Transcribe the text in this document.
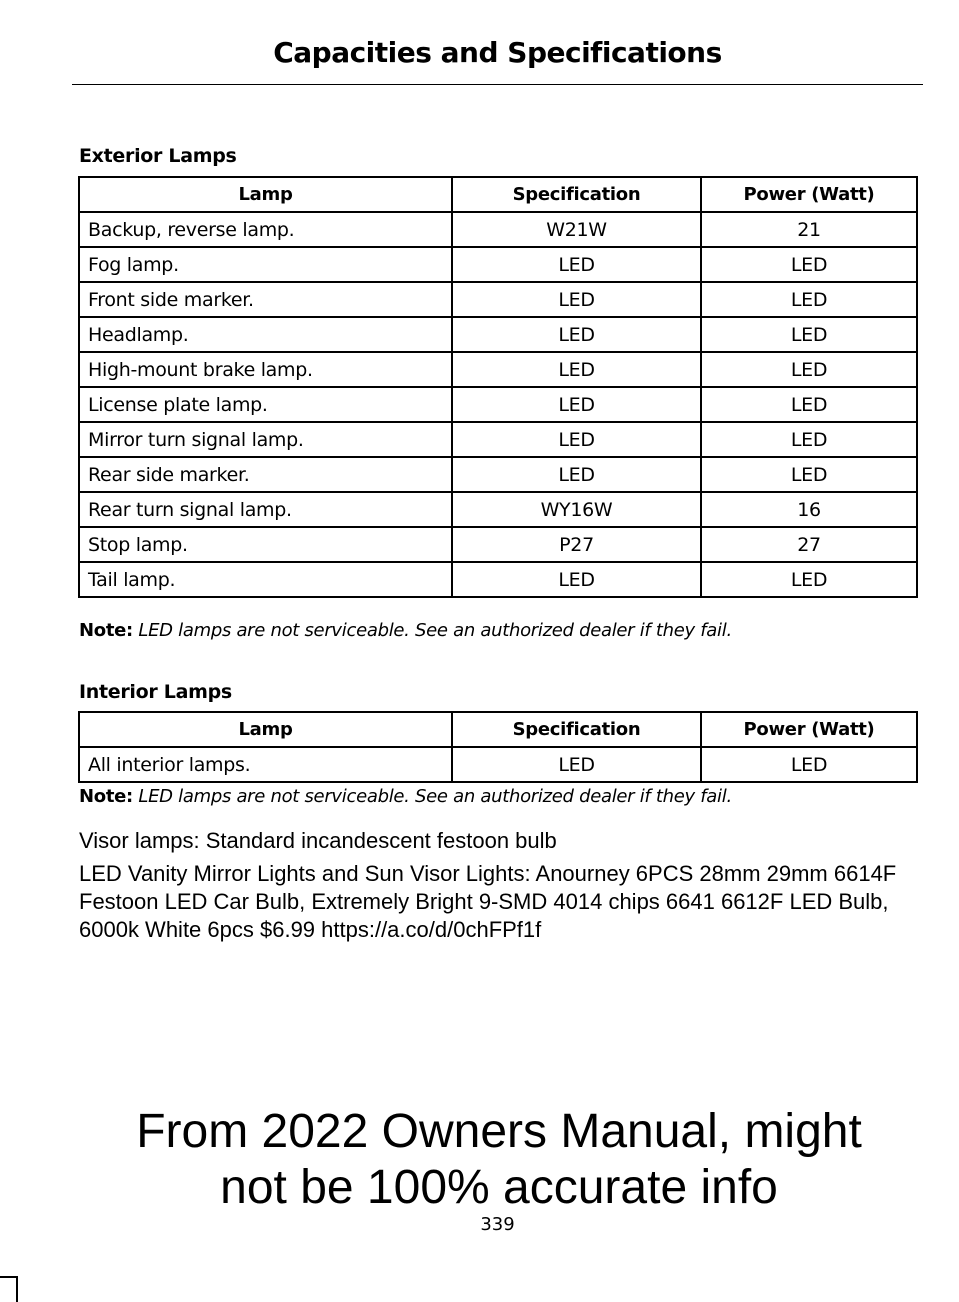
Capacities and Specifications
Exterior Lamps
Lamp	Specification	Power (Watt)
Backup, reverse lamp.	W21W	21
Fog lamp.	LED	LED
Front side marker.	LED	LED
Headlamp.	LED	LED
High-mount brake lamp.	LED	LED
License plate lamp.	LED	LED
Mirror turn signal lamp.	LED	LED
Rear side marker.	LED	LED
Rear turn signal lamp.	WY16W	16
Stop lamp.	P27	27
Tail lamp.	LED	LED
Note: LED lamps are not serviceable. See an authorized dealer if they fail.
Interior Lamps
Lamp	Specification	Power (Watt)
All interior lamps.	LED	LED
Note: LED lamps are not serviceable. See an authorized dealer if they fail.
Visor lamps: Standard incandescent festoon bulb
LED Vanity Mirror Lights and Sun Visor Lights: Anourney 6PCS 28mm 29mm 6614F Festoon LED Car Bulb, Extremely Bright 9-SMD 4014 chips 6641 6612F LED Bulb, 6000k White 6pcs $6.99 https://a.co/d/0chFPf1f
From 2022 Owners Manual, might
not be 100% accurate info
339
